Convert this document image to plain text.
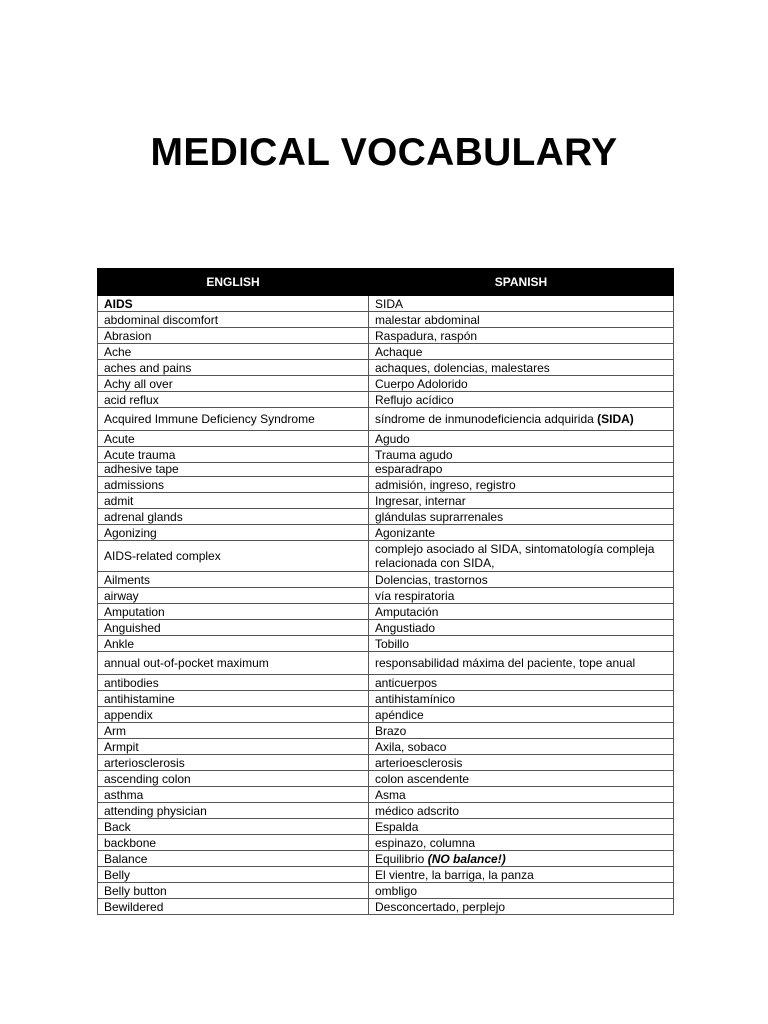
MEDICAL VOCABULARY
ENGLISH	SPANISH
AIDS	SIDA
abdominal discomfort	malestar abdominal
Abrasion	Raspadura, raspón
Ache	Achaque
aches and pains	achaques, dolencias, malestares
Achy all over	Cuerpo Adolorido
acid reflux	Reflujo acídico
Acquired Immune Deficiency Syndrome	síndrome de inmunodeficiencia adquirida (SIDA)
Acute	Agudo
Acute trauma	Trauma agudo
adhesive tape	esparadrapo
admissions	admisión, ingreso, registro
admit	Ingresar, internar
adrenal glands	glándulas suprarrenales
Agonizing	Agonizante
AIDS-related complex	complejo asociado al SIDA, sintomatología compleja relacionada con SIDA,
Ailments	Dolencias, trastornos
airway	vía respiratoria
Amputation	Amputación
Anguished	Angustiado
Ankle	Tobillo
annual out-of-pocket maximum	responsabilidad máxima del paciente, tope anual
antibodies	anticuerpos
antihistamine	antihistamínico
appendix	apéndice
Arm	Brazo
Armpit	Axila, sobaco
arteriosclerosis	arterioesclerosis
ascending colon	colon ascendente
asthma	Asma
attending physician	médico adscrito
Back	Espalda
backbone	espinazo, columna
Balance	Equilibrio (NO balance!)
Belly	El vientre, la barriga, la panza
Belly button	ombligo
Bewildered	Desconcertado, perplejo
